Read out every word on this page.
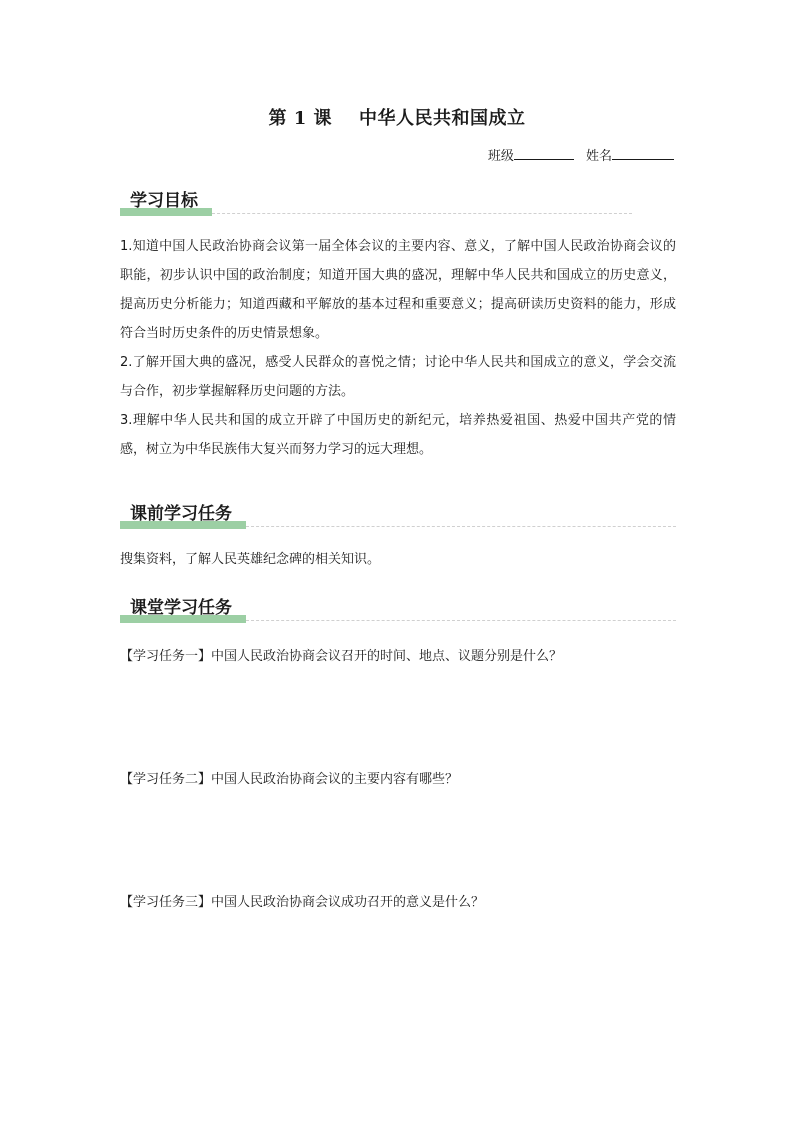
第 1 课    中华人民共和国成立
班级	姓名
学习目标

1.知道中国人民政治协商会议第一届全体会议的主要内容、意义，了解中国人民政治协商会议的职能，初步认识中国的政治制度；知道开国大典的盛况，理解中华人民共和国成立的历史意义，提高历史分析能力；知道西藏和平解放的基本过程和重要意义；提高研读历史资料的能力，形成符合当时历史条件的历史情景想象。

2.了解开国大典的盛况，感受人民群众的喜悦之情；讨论中华人民共和国成立的意义，学会交流与合作，初步掌握解释历史问题的方法。

3.理解中华人民共和国的成立开辟了中国历史的新纪元，培养热爱祖国、热爱中国共产党的情感，树立为中华民族伟大复兴而努力学习的远大理想。

课前学习任务
搜集资料，了解人民英雄纪念碑的相关知识。
课堂学习任务
【学习任务一】中国人民政治协商会议召开的时间、地点、议题分别是什么？
【学习任务二】中国人民政治协商会议的主要内容有哪些？
【学习任务三】中国人民政治协商会议成功召开的意义是什么？
